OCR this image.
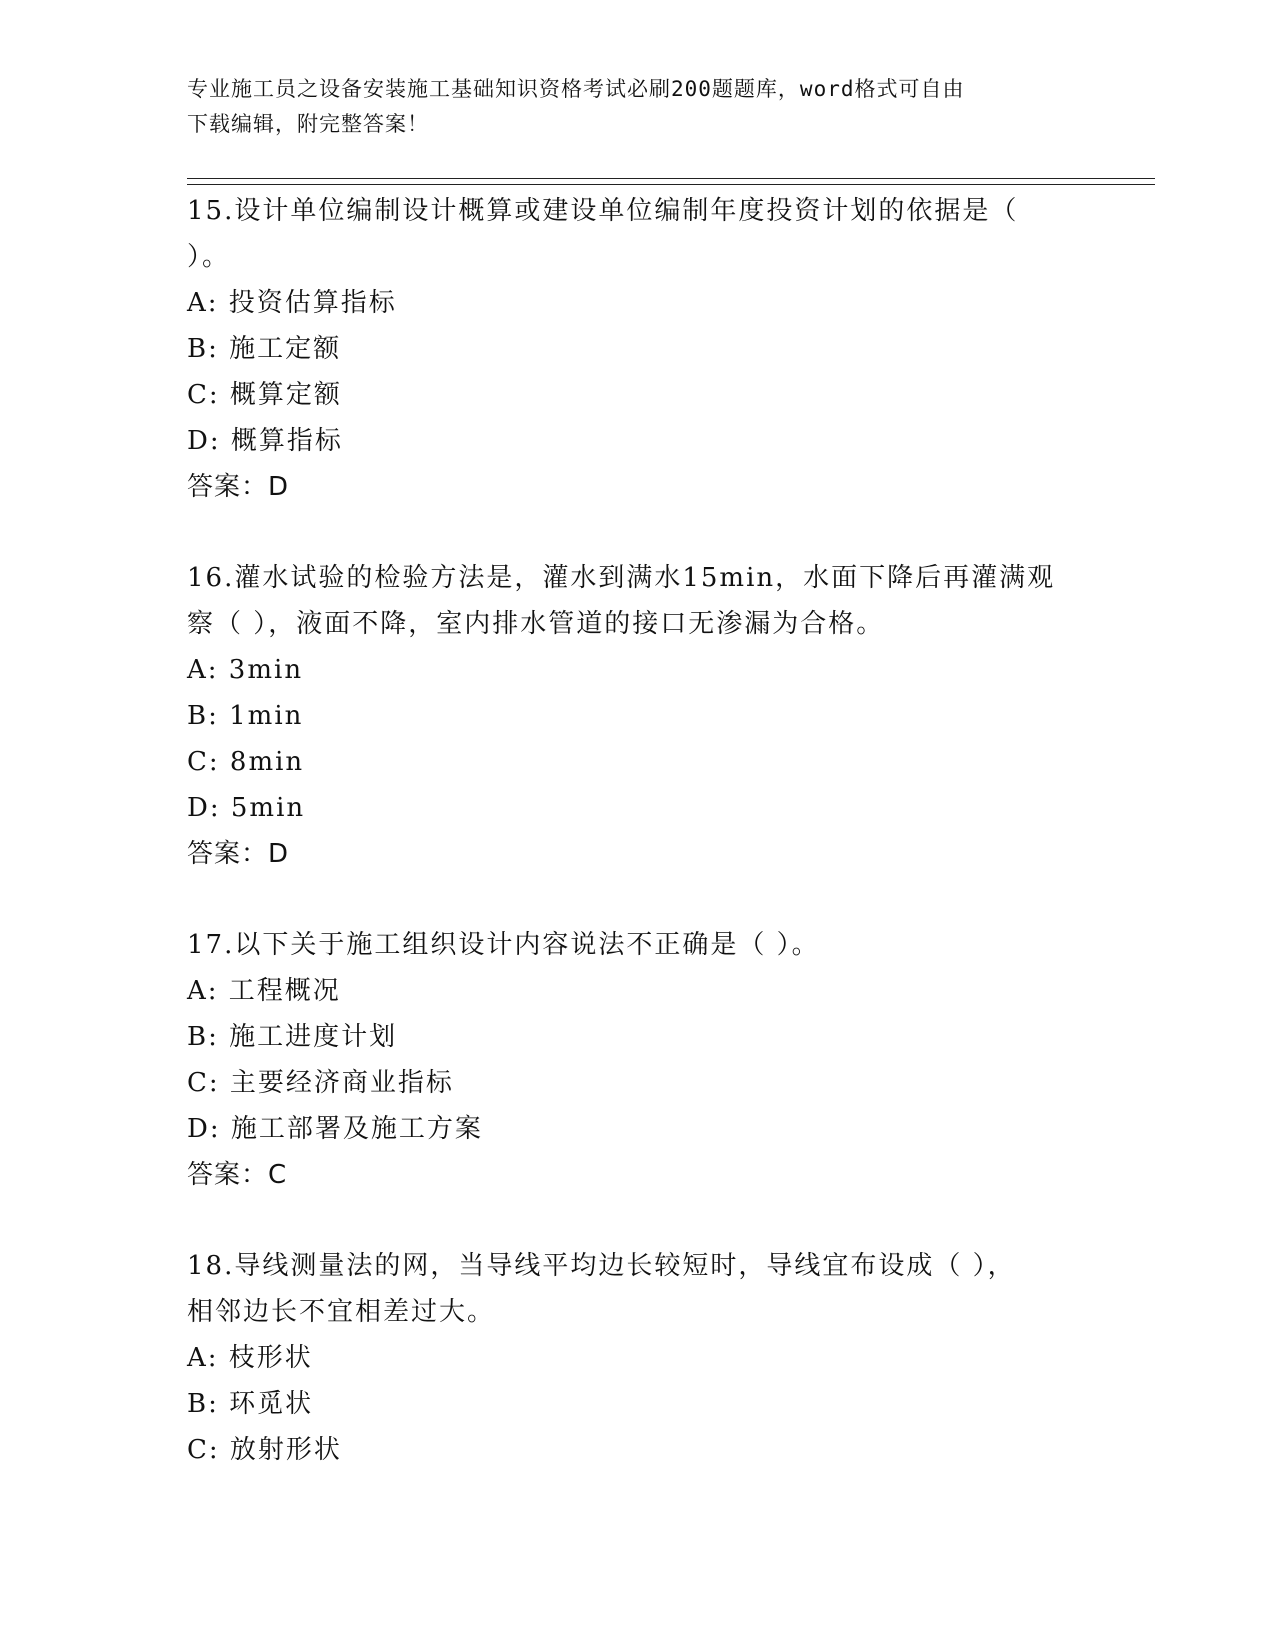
专业施工员之设备安装施工基础知识资格考试必刷200题题库，word格式可自由
下载编辑，附完整答案！
15.设计单位编制设计概算或建设单位编制年度投资计划的依据是（
）。
A: 投资估算指标
B: 施工定额
C: 概算定额
D: 概算指标
答案：D
16.灌水试验的检验方法是，灌水到满水15min，水面下降后再灌满观
察（ ），液面不降，室内排水管道的接口无渗漏为合格。
A: 3min
B: 1min
C: 8min
D: 5min
答案：D
17.以下关于施工组织设计内容说法不正确是（ ）。
A: 工程概况
B: 施工进度计划
C: 主要经济商业指标
D: 施工部署及施工方案
答案：C
18.导线测量法的网，当导线平均边长较短时，导线宜布设成（ ），
相邻边长不宜相差过大。
A: 枝形状
B: 环觅状
C: 放射形状
